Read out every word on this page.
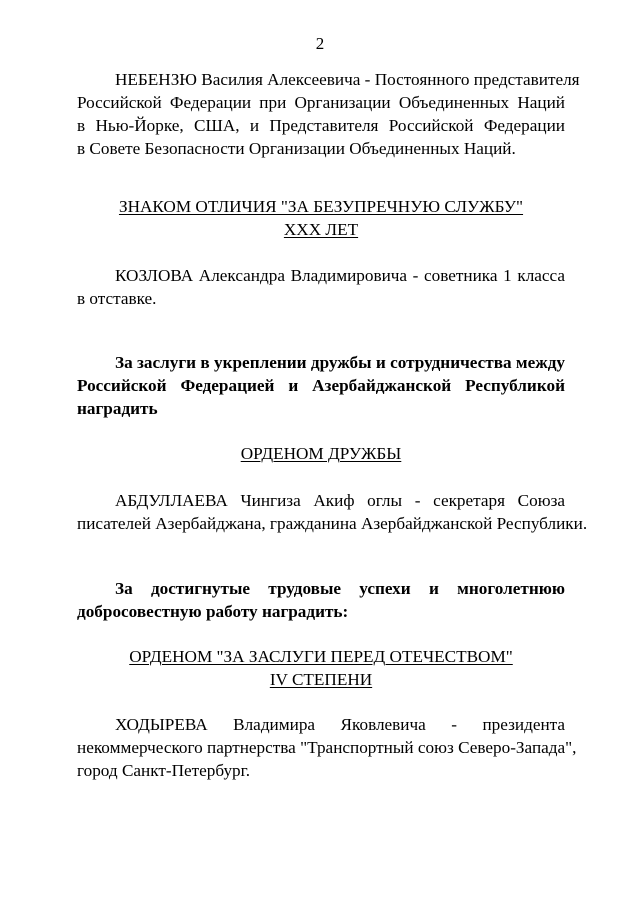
2
НЕБЕНЗЮ Василия Алексеевича - Постоянного представителя
Российской Федерации при Организации Объединенных Наций
в Нью-Йорке, США, и Представителя Российской Федерации
в Совете Безопасности Организации Объединенных Наций.
ЗНАКОМ ОТЛИЧИЯ "ЗА БЕЗУПРЕЧНУЮ СЛУЖБУ"
XXX ЛЕТ
КОЗЛОВА Александра Владимировича - советника 1 класса
в отставке.
За заслуги в укреплении дружбы и сотрудничества между
Российской Федерацией и Азербайджанской Республикой
наградить
ОРДЕНОМ ДРУЖБЫ
АБДУЛЛАЕВА Чингиза Акиф оглы - секретаря Союза
писателей Азербайджана, гражданина Азербайджанской Республики.
За достигнутые трудовые успехи и многолетнюю
добросовестную работу наградить:
ОРДЕНОМ "ЗА ЗАСЛУГИ ПЕРЕД ОТЕЧЕСТВОМ"
IV СТЕПЕНИ
ХОДЫРЕВА Владимира Яковлевича - президента
некоммерческого партнерства "Транспортный союз Северо-Запада",
город Санкт-Петербург.
